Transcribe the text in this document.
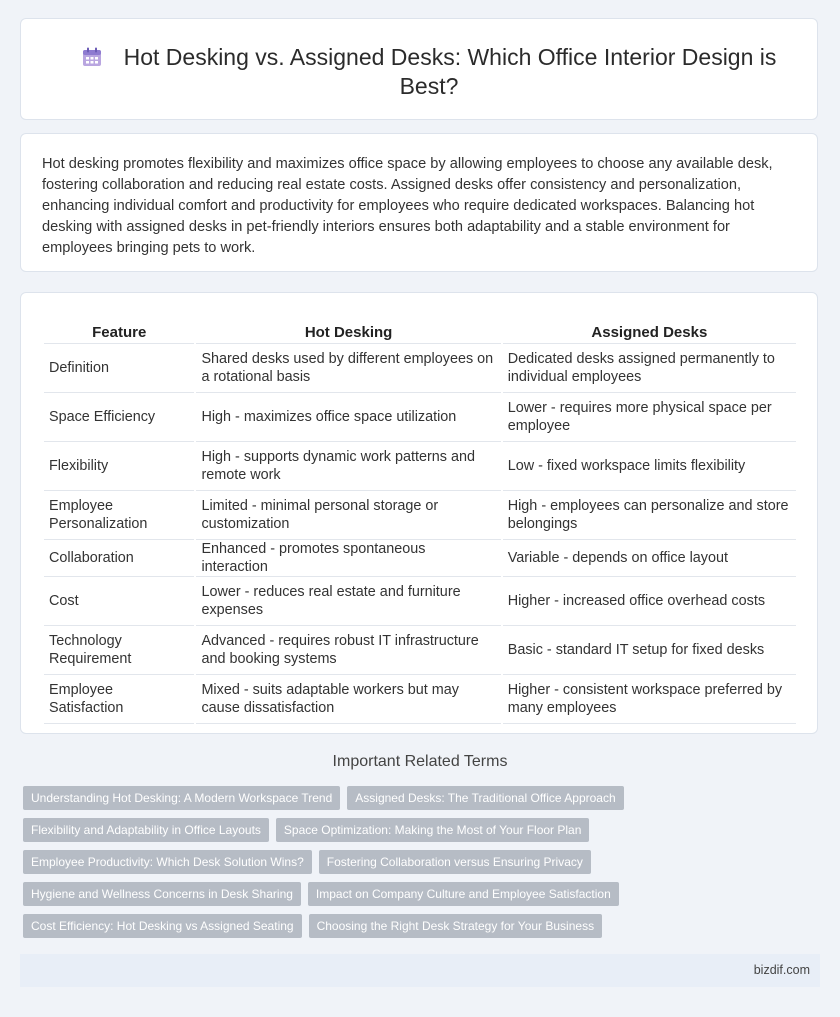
Hot Desking vs. Assigned Desks: Which Office Interior Design is Best?
Hot desking promotes flexibility and maximizes office space by allowing employees to choose any available desk, fostering collaboration and reducing real estate costs. Assigned desks offer consistency and personalization, enhancing individual comfort and productivity for employees who require dedicated workspaces. Balancing hot desking with assigned desks in pet-friendly interiors ensures both adaptability and a stable environment for employees bringing pets to work.
Feature	Hot Desking	Assigned Desks
Definition	Shared desks used by different employees on a rotational basis	Dedicated desks assigned permanently to individual employees
Space Efficiency	High - maximizes office space utilization	Lower - requires more physical space per employee
Flexibility	High - supports dynamic work patterns and remote work	Low - fixed workspace limits flexibility
Employee Personalization	Limited - minimal personal storage or customization	High - employees can personalize and store belongings
Collaboration	Enhanced - promotes spontaneous interaction	Variable - depends on office layout
Cost	Lower - reduces real estate and furniture expenses	Higher - increased office overhead costs
Technology Requirement	Advanced - requires robust IT infrastructure and booking systems	Basic - standard IT setup for fixed desks
Employee Satisfaction	Mixed - suits adaptable workers but may cause dissatisfaction	Higher - consistent workspace preferred by many employees
Important Related Terms
Understanding Hot Desking: A Modern Workspace Trend	Assigned Desks: The Traditional Office Approach
Flexibility and Adaptability in Office Layouts	Space Optimization: Making the Most of Your Floor Plan
Employee Productivity: Which Desk Solution Wins?	Fostering Collaboration versus Ensuring Privacy
Hygiene and Wellness Concerns in Desk Sharing	Impact on Company Culture and Employee Satisfaction
Cost Efficiency: Hot Desking vs Assigned Seating	Choosing the Right Desk Strategy for Your Business
bizdif.com
